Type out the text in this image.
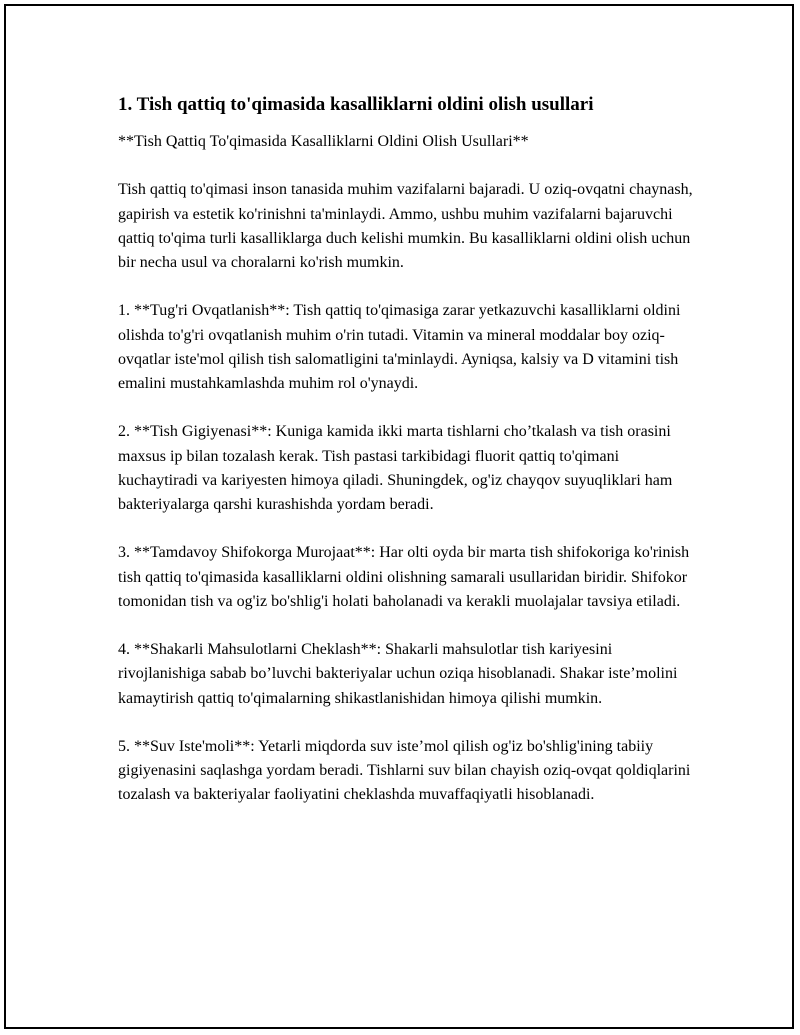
1. Tish qattiq to'qimasida kasalliklarni oldini olish usullari

**Tish Qattiq To'qimasida Kasalliklarni Oldini Olish Usullari**

Tish qattiq to'qimasi inson tanasida muhim vazifalarni bajaradi. U oziq-ovqatni chaynash, gapirish va estetik ko'rinishni ta'minlaydi. Ammo, ushbu muhim vazifalarni bajaruvchi qattiq to'qima turli kasalliklarga duch kelishi mumkin. Bu kasalliklarni oldini olish uchun bir necha usul va choralarni ko'rish mumkin.

1. **Tug'ri Ovqatlanish**: Tish qattiq to'qimasiga zarar yetkazuvchi kasalliklarni oldini olishda to'g'ri ovqatlanish muhim o'rin tutadi. Vitamin va mineral moddalar boy oziq-ovqatlar iste'mol qilish tish salomatligini ta'minlaydi. Ayniqsa, kalsiy va D vitamini tish emalini mustahkamlashda muhim rol o'ynaydi.

2. **Tish Gigiyenasi**: Kuniga kamida ikki marta tishlarni cho’tkalash va tish orasini maxsus ip bilan tozalash kerak. Tish pastasi tarkibidagi fluorit qattiq to'qimani kuchaytiradi va kariyesten himoya qiladi. Shuningdek, og'iz chayqov suyuqliklari ham bakteriyalarga qarshi kurashishda yordam beradi.

3. **Tamdavoy Shifokorga Murojaat**: Har olti oyda bir marta tish shifokoriga ko'rinish tish qattiq to'qimasida kasalliklarni oldini olishning samarali usullaridan biridir. Shifokor tomonidan tish va og'iz bo'shlig'i holati baholanadi va kerakli muolajalar tavsiya etiladi.

4. **Shakarli Mahsulotlarni Cheklash**: Shakarli mahsulotlar tish kariyesini rivojlanishiga sabab bo’luvchi bakteriyalar uchun oziqa hisoblanadi. Shakar iste’molini kamaytirish qattiq to'qimalarning shikastlanishidan himoya qilishi mumkin.

5. **Suv Iste'moli**: Yetarli miqdorda suv iste’mol qilish og'iz bo'shlig'ining tabiiy gigiyenasini saqlashga yordam beradi. Tishlarni suv bilan chayish oziq-ovqat qoldiqlarini tozalash va bakteriyalar faoliyatini cheklashda muvaffaqiyatli hisoblanadi.
